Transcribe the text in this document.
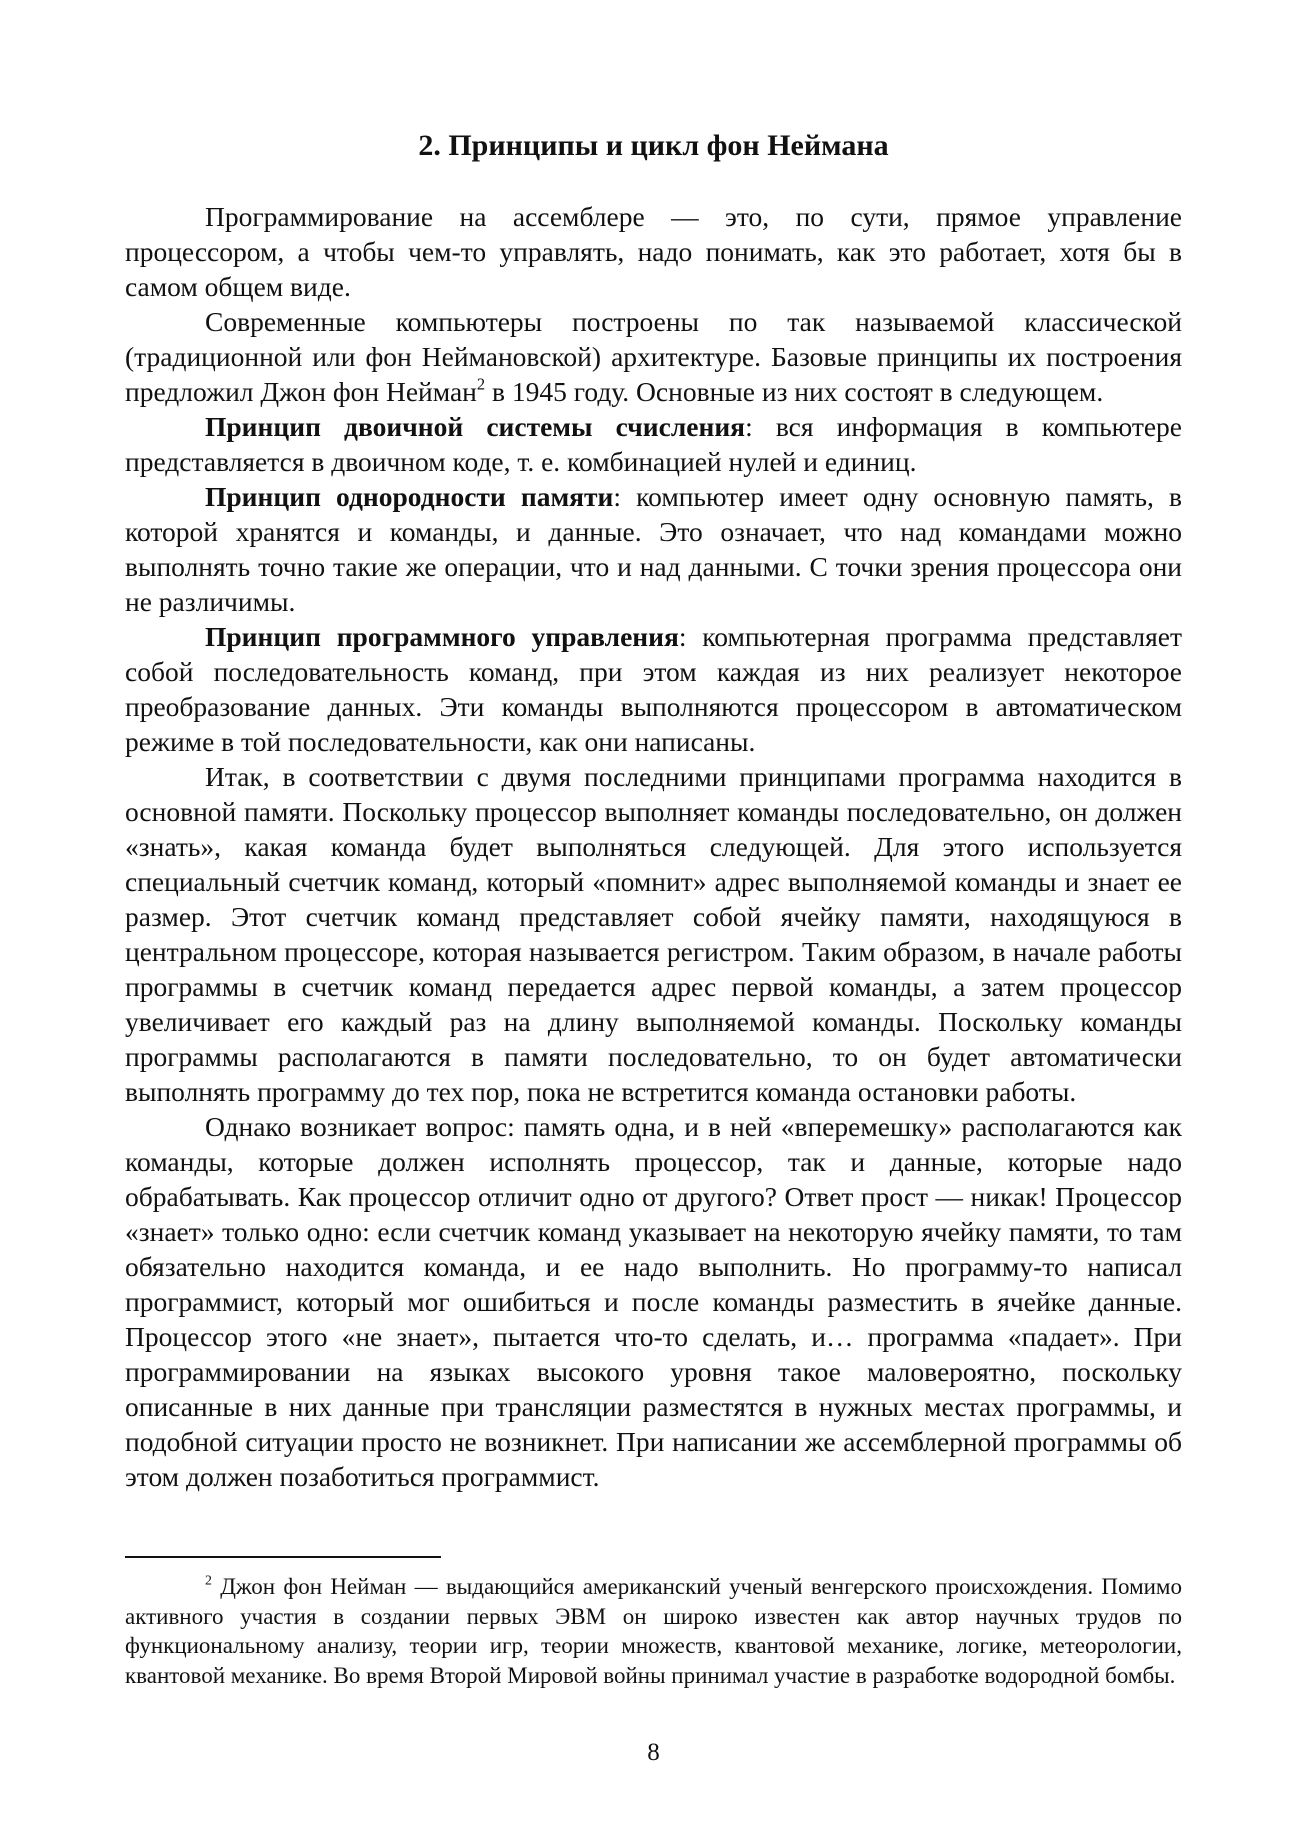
2. Принципы и цикл фон Неймана

Программирование на ассемблере — это, по сути, прямое управление процессором, а чтобы чем-то управлять, надо понимать, как это работает, хотя бы в самом общем виде.

Современные компьютеры построены по так называемой классической (традиционной или фон Неймановской) архитектуре. Базовые принципы их построения предложил Джон фон Нейман$^2$ в 1945 году. Основные из них состоят в следующем.

Принцип двоичной системы счисления: вся информация в компьютере представляется в двоичном коде, т. е. комбинацией нулей и единиц.

Принцип однородности памяти: компьютер имеет одну основную память, в которой хранятся и команды, и данные. Это означает, что над командами можно выполнять точно такие же операции, что и над данными. С точки зрения процессора они не различимы.

Принцип программного управления: компьютерная программа представляет собой последовательность команд, при этом каждая из них реализует некоторое преобразование данных. Эти команды выполняются процессором в автоматическом режиме в той последовательности, как они написаны.

Итак, в соответствии с двумя последними принципами программа находится в основной памяти. Поскольку процессор выполняет команды последовательно, он должен «знать», какая команда будет выполняться следующей. Для этого используется специальный счетчик команд, который «помнит» адрес выполняемой команды и знает ее размер. Этот счетчик команд представляет собой ячейку памяти, находящуюся в центральном процессоре, которая называется регистром. Таким образом, в начале работы программы в счетчик команд передается адрес первой команды, а затем процессор увеличивает его каждый раз на длину выполняемой команды. Поскольку команды программы располагаются в памяти последовательно, то он будет автоматически выполнять программу до тех пор, пока не встретится команда остановки работы.

Однако возникает вопрос: память одна, и в ней «вперемешку» располагаются как команды, которые должен исполнять процессор, так и данные, которые надо обрабатывать. Как процессор отличит одно от другого? Ответ прост — никак! Процессор «знает» только одно: если счетчик команд указывает на некоторую ячейку памяти, то там обязательно находится команда, и ее надо выполнить. Но программу-то написал программист, который мог ошибиться и после команды разместить в ячейке данные. Процессор этого «не знает», пытается что-то сделать, и… программа «падает». При программировании на языках высокого уровня такое маловероятно, поскольку описанные в них данные при трансляции разместятся в нужных местах программы, и подобной ситуации просто не возникнет. При написании же ассемблерной программы об этом должен позаботиться программист.

$^2$ Джон фон Нейман — выдающийся американский ученый венгерского происхождения. Помимо активного участия в создании первых ЭВМ он широко известен как автор научных трудов по функциональному анализу, теории игр, теории множеств, квантовой механике, логике, метеорологии, квантовой механике. Во время Второй Мировой войны принимал участие в разработке водородной бомбы.

8
